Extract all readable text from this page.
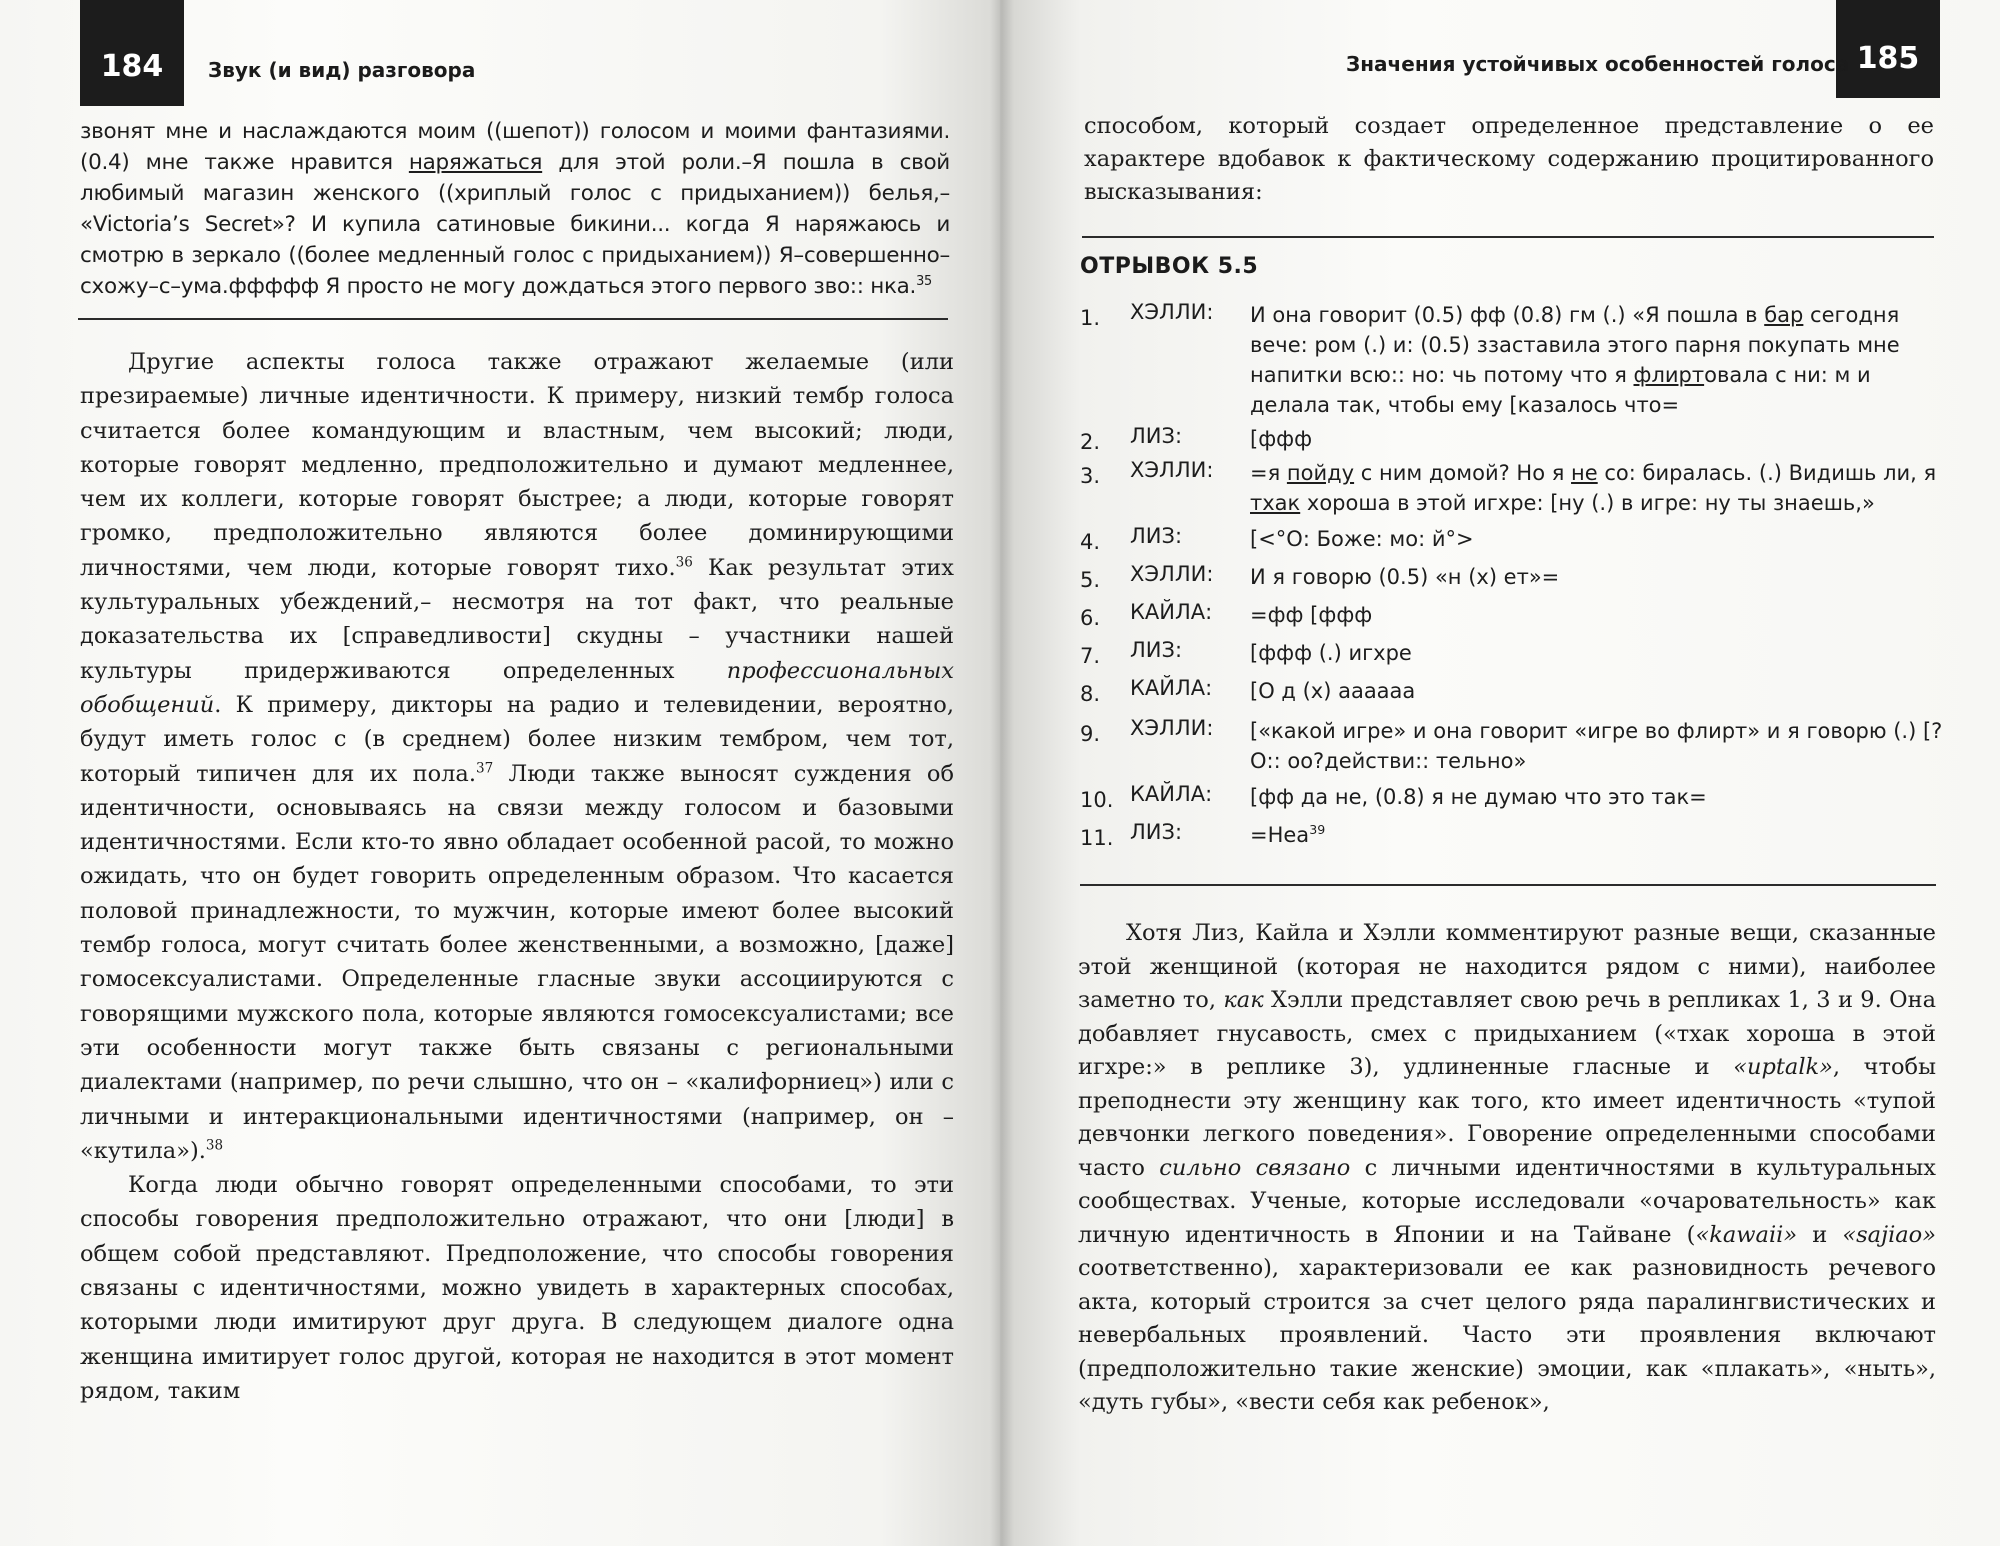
184	Звук (и вид) разговора

звонят мне и наслаждаются моим ((шепот)) голосом и моими фантазиями. (0.4) мне также нравится наряжаться для этой роли.–Я пошла в свой любимый магазин женского ((хриплый голос с придыханием)) белья,– «Victoria’s Secret»? И купила сатиновые бикини... когда Я наряжаюсь и смотрю в зеркало ((более медленный голос с придыханием)) Я–совершенно–схожу–с–ума.ффффф Я просто не могу дождаться этого первого зво:: нка.$^{35}$

Другие аспекты голоса также отражают желаемые (или презираемые) личные идентичности. К примеру, низкий тембр голоса считается более командующим и властным, чем высокий; люди, которые говорят медленно, предположительно и думают медленнее, чем их коллеги, которые говорят быстрее; а люди, которые говорят громко, предположительно являются более доминирующими личностями, чем люди, которые говорят тихо.$^{36}$ Как результат этих культуральных убеждений,– несмотря на тот факт, что реальные доказательства их [справедливости] скудны – участники нашей культуры придерживаются определенных профессиональных обобщений. К примеру, дикторы на радио и телевидении, вероятно, будут иметь голос с (в среднем) более низким тембром, чем тот, который типичен для их пола.$^{37}$ Люди также выносят суждения об идентичности, основываясь на связи между голосом и базовыми идентичностями. Если кто-то явно обладает особенной расой, то можно ожидать, что он будет говорить определенным образом. Что касается половой принадлежности, то мужчин, которые имеют более высокий тембр голоса, могут считать более женственными, а возможно, [даже] гомосексуалистами. Определенные гласные звуки ассоциируются с говорящими мужского пола, которые являются гомосексуалистами; все эти особенности могут также быть связаны с региональными диалектами (например, по речи слышно, что он – «калифорниец») или с личными и интеракциональными идентичностями (например, он – «кутила»).$^{38}$

Когда люди обычно говорят определенными способами, то эти способы говорения предположительно отражают, что они [люди] в общем собой представляют. Предположение, что способы говорения связаны с идентичностями, можно увидеть в характерных способах, которыми люди имитируют друг друга. В следующем диалоге одна женщина имитирует голос другой, которая не находится в этот момент рядом, таким

185
Значения устойчивых особенностей голоса

способом, который создает определенное представление о ее характере вдобавок к фактическому содержанию процитированного высказывания:

ОТРЫВОК 5.5
1.	ХЭЛЛИ:	И она говорит (0.5) фф (0.8) гм (.) «Я пошла в бар сегодня вече: ром (.) и: (0.5) ззаставила этого парня покупать мне напитки всю:: но: чь потому что я флиртовала с ни: м и делала так, чтобы ему [казалось что=
2.	ЛИЗ:	[ффф
3.	ХЭЛЛИ:	=я пойду с ним домой? Но я не со: биралась. (.) Видишь ли, я тхак хороша в этой игхре: [ну (.) в игре: ну ты знаешь,»
4.	ЛИЗ:	[<°О: Боже: мо: й°>
5.	ХЭЛЛИ:	И я говорю (0.5) «н (х) ет»=
6.	КАЙЛА:	=фф [ффф
7.	ЛИЗ:	[ффф (.) игхре
8.	КАЙЛА:	[О д (х) аааааа
9.	ХЭЛЛИ:	[«какой игре» и она говорит «игре во флирт» и я говорю (.) [? О:: оо?действи:: тельно»
10. КАЙЛА:	[фф да не, (0.8) я не думаю что это так=
11. ЛИЗ:	=Неа$^{39}$

Хотя Лиз, Кайла и Хэлли комментируют разные вещи, сказанные этой женщиной (которая не находится рядом с ними), наиболее заметно то, как Хэлли представляет свою речь в репликах 1, 3 и 9. Она добавляет гнусавость, смех с придыханием («тхак хороша в этой игхре:» в реплике 3), удлиненные гласные и «uptalk», чтобы преподнести эту женщину как того, кто имеет идентичность «тупой девчонки легкого поведения». Говорение определенными способами часто сильно связано с личными идентичностями в культуральных сообществах. Ученые, которые исследовали «очаровательность» как личную идентичность в Японии и на Тайване («kawaii» и «sajiao» соответственно), характеризовали ее как разновидность речевого акта, который строится за счет целого ряда паралингвистических и невербальных проявлений. Часто эти проявления включают (предположительно такие женские) эмоции, как «плакать», «ныть», «дуть губы», «вести себя как ребенок»,
